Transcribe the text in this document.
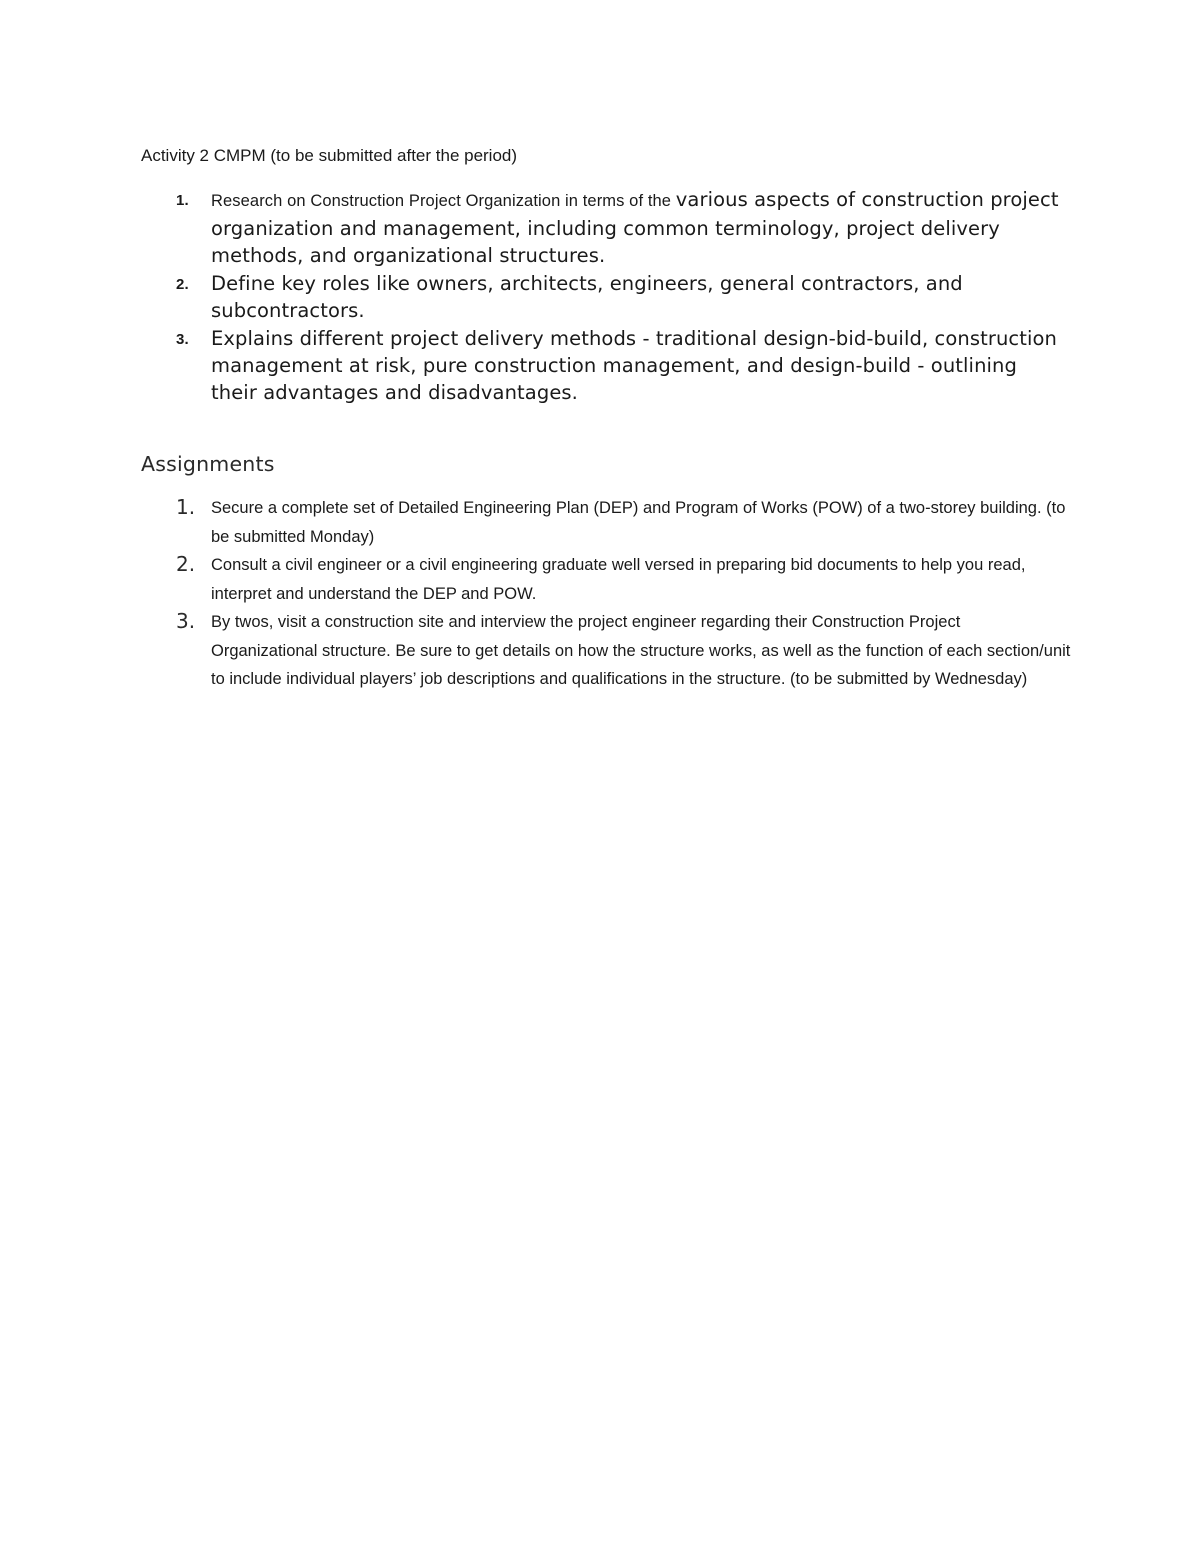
Activity 2 CMPM (to be submitted after the period)

1. Research on Construction Project Organization in terms of the various aspects of construction project organization and management, including common terminology, project delivery methods, and organizational structures.
2. Define key roles like owners, architects, engineers, general contractors, and subcontractors.
3. Explains different project delivery methods - traditional design-bid-build, construction management at risk, pure construction management, and design-build - outlining their advantages and disadvantages.
Assignments
1. Secure a complete set of Detailed Engineering Plan (DEP) and Program of Works (POW) of a two-storey building. (to be submitted Monday)
2. Consult a civil engineer or a civil engineering graduate well versed in preparing bid documents to help you read, interpret and understand the DEP and POW.
3. By twos, visit a construction site and interview the project engineer regarding their Construction Project Organizational structure. Be sure to get details on how the structure works, as well as the function of each section/unit to include individual players’ job descriptions and qualifications in the structure. (to be submitted by Wednesday)
